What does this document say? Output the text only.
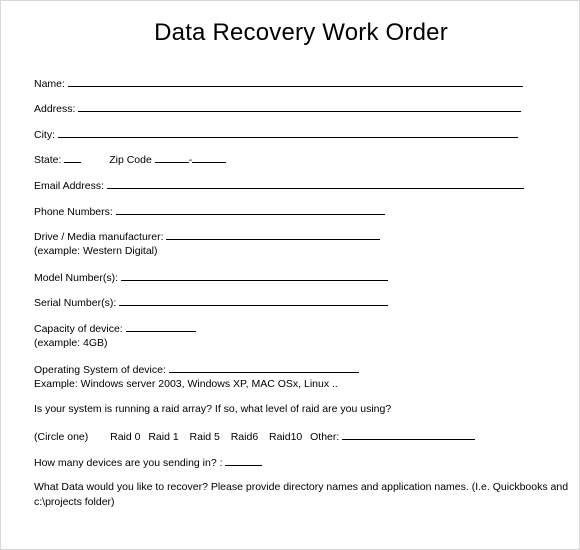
Data Recovery Work Order
Name:
Address:
City:
State:	Zip Code	-
Email Address:
Phone Numbers:
Drive / Media manufacturer:
(example: Western Digital)
Model Number(s):
Serial Number(s):
Capacity of device:
(example: 4GB)
Operating System of device:
Example: Windows server 2003, Windows XP, MAC OSx, Linux ..
Is your system is running a raid array? If so, what level of raid are you using?
(Circle one) Raid 0 Raid 1 Raid 5 Raid6 Raid10 Other:
How many devices are you sending in? :
What Data would you like to recover? Please provide directory names and application names. (I.e. Quickbooks and
c:\projects folder)
